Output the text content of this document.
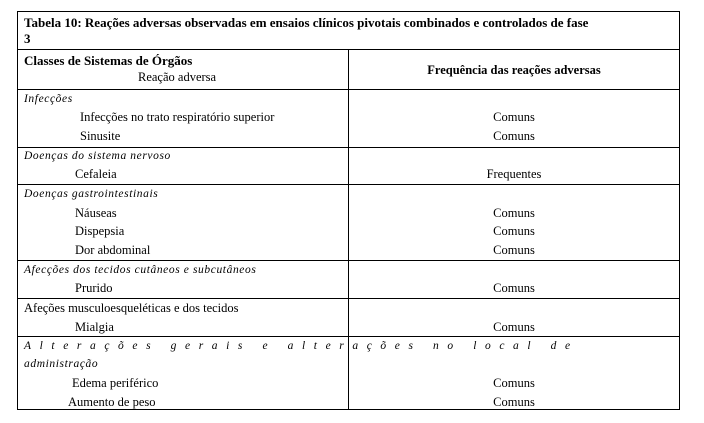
Tabela 10: Reações adversas observadas em ensaios clínicos pivotais combinados e controlados de fase
3
Classes de Sistemas de Órgãos
Reação adversa	Frequência das reações adversas
Infecções
Infecções no trato respiratório superior	Comuns
Sinusite	Comuns
Doenças do sistema nervoso
Cefaleia	Frequentes
Doenças gastrointestinais
Náuseas	Comuns
Dispepsia	Comuns
Dor abdominal	Comuns
Afecções dos tecidos cutâneos e subcutâneos
Prurido	Comuns
Afeções musculoesqueléticas e dos tecidos
Mialgia	Comuns
Alterações gerais e alterações no local de
administração
Edema periférico	Comuns
Aumento de peso	Comuns
